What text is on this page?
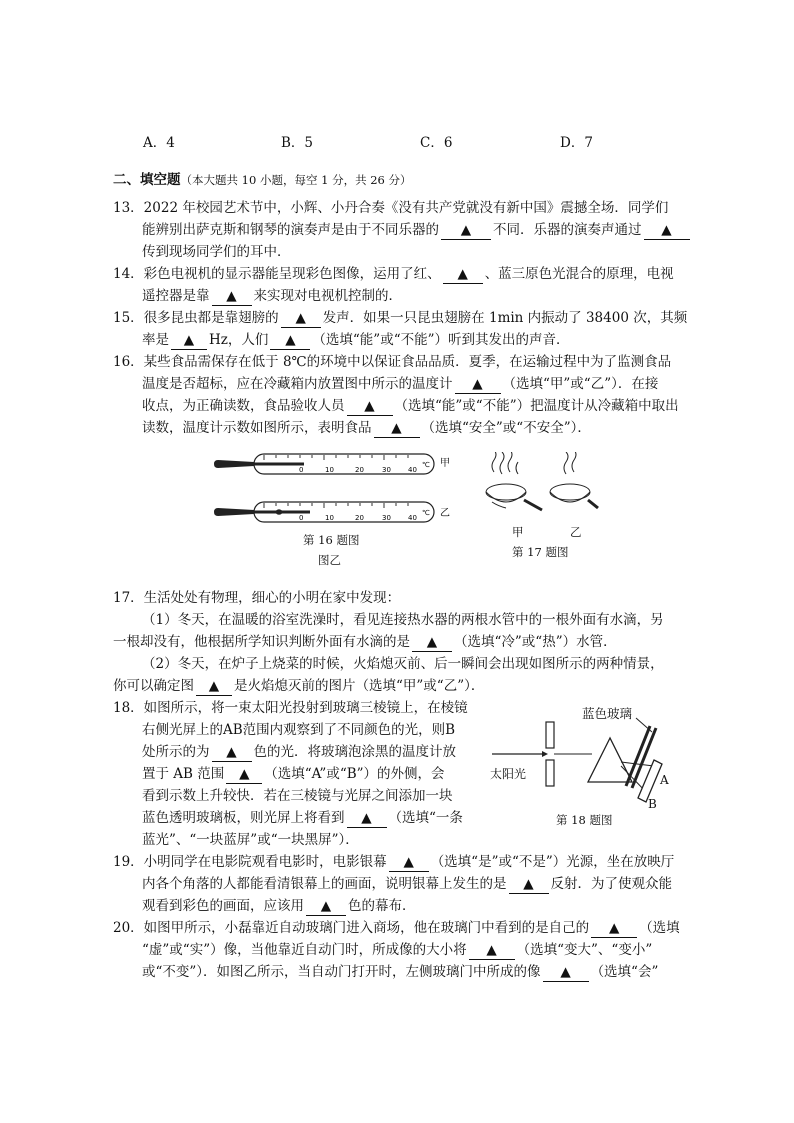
A．4	B．5	C．6	D．7
二、填空题（本大题共 10 小题，每空 1 分，共 26 分）
13．2022 年校园艺术节中，小辉、小丹合奏《没有共产党就没有新中国》震撼全场．同学们
能辨别出萨克斯和钢琴的演奏声是由于不同乐器的 ▲ 不同．乐器的演奏声通过 ▲
传到现场同学们的耳中．
14．彩色电视机的显示器能呈现彩色图像，运用了红、 ▲ 、蓝三原色光混合的原理，电视
遥控器是靠 ▲ 来实现对电视机控制的．
15．很多昆虫都是靠翅膀的 ▲ 发声．如果一只昆虫翅膀在 1min 内振动了 38400 次，其频
率是 ▲ Hz，人们 ▲ （选填“能”或“不能”）听到其发出的声音．
16．某些食品需保存在低于 8℃的环境中以保证食品品质．夏季，在运输过程中为了监测食品
温度是否超标，应在冷藏箱内放置图中所示的温度计 ▲ （选填“甲”或“乙”）．在接
收点，为正确读数，食品验收人员 ▲ （选填“能”或“不能”）把温度计从冷藏箱中取出
读数，温度计示数如图所示，表明食品 ▲ （选填“安全”或“不安全”）．
0	10	20	30 40
℃ 甲
0	10	20	30 40
℃ 乙
第 16 题图
图乙
甲	乙
第 17 题图
17．生活处处有物理，细心的小明在家中发现：
（1）冬天，在温暖的浴室洗澡时，看见连接热水器的两根水管中的一根外面有水滴，另
一根却没有，他根据所学知识判断外面有水滴的是 ▲ （选填“冷”或“热”）水管．
（2）冬天，在炉子上烧菜的时候，火焰熄灭前、后一瞬间会出现如图所示的两种情景，
你可以确定图 ▲ 是火焰熄灭前的图片（选填“甲”或“乙”）．
18．如图所示，将一束太阳光投射到玻璃三棱镜上，在棱镜
右侧光屏上的AB范围内观察到了不同颜色的光，则B
处所示的为 ▲ 色的光．将玻璃泡涂黑的温度计放
置于 AB 范围 ▲ （选填“A”或“B”）的外侧，会
看到示数上升较快．若在三棱镜与光屏之间添加一块
蓝色透明玻璃板，则光屏上将看到 ▲ （选填“一条
蓝光”、“一块蓝屏”或“一块黑屏”）．
蓝色玻璃
太阳光	A
B
第 18 题图
19．小明同学在电影院观看电影时，电影银幕 ▲ （选填“是”或“不是”）光源，坐在放映厅
内各个角落的人都能看清银幕上的画面，说明银幕上发生的是 ▲ 反射．为了使观众能
观看到彩色的画面，应该用 ▲ 色的幕布．
20．如图甲所示，小磊靠近自动玻璃门进入商场，他在玻璃门中看到的是自己的 ▲ （选填
“虚”或“实”）像，当他靠近自动门时，所成像的大小将 ▲ （选填“变大”、“变小”
或“不变”）．如图乙所示，当自动门打开时，左侧玻璃门中所成的像 ▲ （选填“会”
